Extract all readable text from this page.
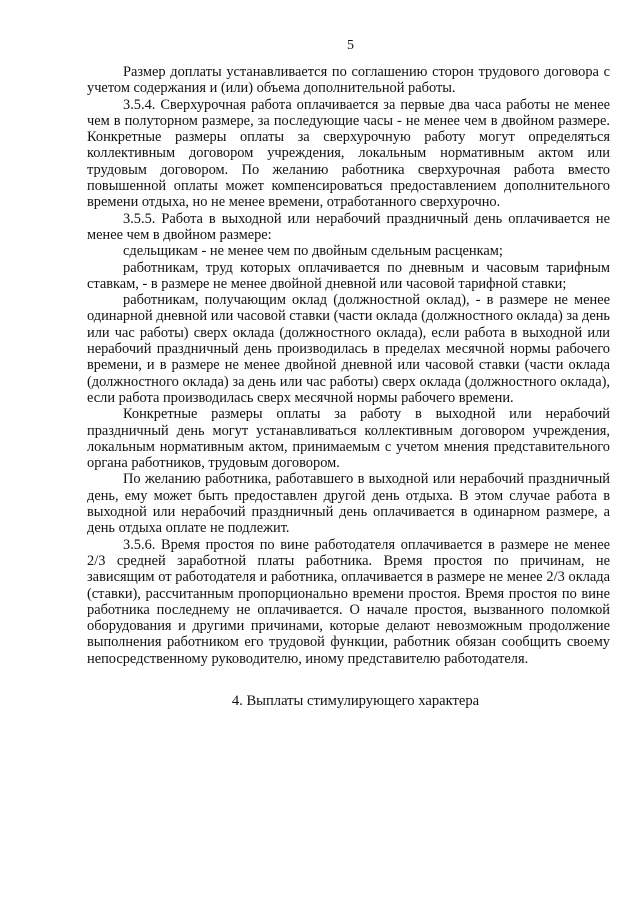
5

Размер доплаты устанавливается по соглашению сторон трудового договора с учетом содержания и (или) объема дополнительной работы.

3.5.4. Сверхурочная работа оплачивается за первые два часа работы не менее чем в полуторном размере, за последующие часы - не менее чем в двойном размере. Конкретные размеры оплаты за сверхурочную работу могут определяться коллективным договором учреждения, локальным нормативным актом или трудовым договором. По желанию работника сверхурочная работа вместо повышенной оплаты может компенсироваться предоставлением дополнительного времени отдыха, но не менее времени, отработанного сверхурочно.

3.5.5. Работа в выходной или нерабочий праздничный день оплачивается не менее чем в двойном размере:

сдельщикам - не менее чем по двойным сдельным расценкам;

работникам, труд которых оплачивается по дневным и часовым тарифным ставкам, - в размере не менее двойной дневной или часовой тарифной ставки;

работникам, получающим оклад (должностной оклад), - в размере не менее одинарной дневной или часовой ставки (части оклада (должностного оклада) за день или час работы) сверх оклада (должностного оклада), если работа в выходной или нерабочий праздничный день производилась в пределах месячной нормы рабочего времени, и в размере не менее двойной дневной или часовой ставки (части оклада (должностного оклада) за день или час работы) сверх оклада (должностного оклада), если работа производилась сверх месячной нормы рабочего времени.

Конкретные размеры оплаты за работу в выходной или нерабочий праздничный день могут устанавливаться коллективным договором учреждения, локальным нормативным актом, принимаемым с учетом мнения представительного органа работников, трудовым договором.

По желанию работника, работавшего в выходной или нерабочий праздничный день, ему может быть предоставлен другой день отдыха. В этом случае работа в выходной или нерабочий праздничный день оплачивается в одинарном размере, а день отдыха оплате не подлежит.

3.5.6. Время простоя по вине работодателя оплачивается в размере не менее 2/3 средней заработной платы работника. Время простоя по причинам, не зависящим от работодателя и работника, оплачивается в размере не менее 2/3 оклада (ставки), рассчитанным пропорционально времени простоя. Время простоя по вине работника последнему не оплачивается. О начале простоя, вызванного поломкой оборудования и другими причинами, которые делают невозможным продолжение выполнения работником его трудовой функции, работник обязан сообщить своему непосредственному руководителю, иному представителю работодателя.

4. Выплаты стимулирующего характера
